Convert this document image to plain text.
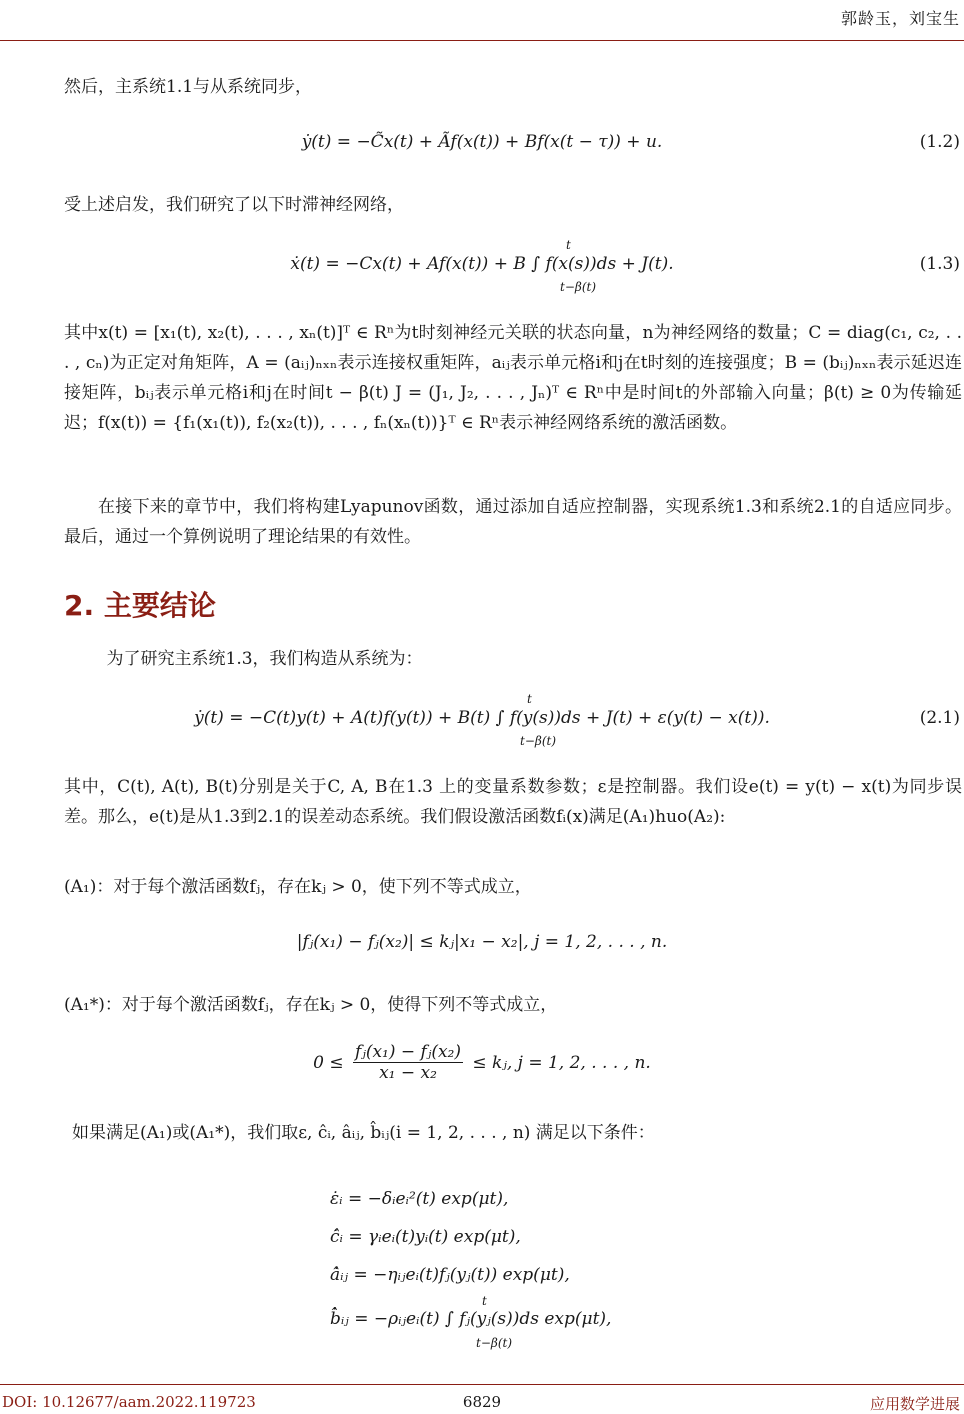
郭龄玉，刘宝生
然后，主系统1.1与从系统同步，
ẏ(t) = −C̃x(t) + Ãf(x(t)) + Bf(x(t − τ)) + u.	(1.2)
受上述启发，我们研究了以下时滞神经网络，
ẋ(t) = −Cx(t) + Af(x(t)) + B ∫ f(x(s))ds + J(t).	(1.3)
t
t−β(t)
其中x(t) = [x₁(t), x₂(t), . . . , xₙ(t)]ᵀ ∈ Rⁿ为t时刻神经元关联的状态向量，n为神经网络的数量；C = diag(c₁, c₂, . . . , cₙ)为正定对角矩阵，A = (aᵢⱼ)ₙₓₙ表示连接权重矩阵，aᵢⱼ表示单元格i和j在t时刻的连接强度；B = (bᵢⱼ)ₙₓₙ表示延迟连接矩阵，bᵢⱼ表示单元格i和j在时间t − β(t) J = (J₁, J₂, . . . , Jₙ)ᵀ ∈ Rⁿ中是时间t的外部输入向量；β(t) ≥ 0为传输延迟；f(x(t)) = {f₁(x₁(t)), f₂(x₂(t)), . . . , fₙ(xₙ(t))}ᵀ ∈ Rⁿ表示神经网络系统的激活函数。
在接下来的章节中，我们将构建Lyapunov函数，通过添加自适应控制器，实现系统1.3和系统2.1的自适应同步。最后，通过一个算例说明了理论结果的有效性。
2. 主要结论
为了研究主系统1.3，我们构造从系统为：
ẏ(t) = −C(t)y(t) + A(t)f(y(t)) + B(t) ∫ f(y(s))ds + J(t) + ε(y(t) − x(t)).	(2.1)
t
t−β(t)
其中，C(t), A(t), B(t)分别是关于C, A, B在1.3 上的变量系数参数；ε是控制器。我们设e(t) = y(t) − x(t)为同步误差。那么，e(t)是从1.3到2.1的误差动态系统。我们假设激活函数fᵢ(x)满足(A₁)huo(A₂):
(A₁)：对于每个激活函数fⱼ，存在kⱼ > 0，使下列不等式成立，
|fⱼ(x₁) − fⱼ(x₂)| ≤ kⱼ|x₁ − x₂|, j = 1, 2, . . . , n.
(A₁*)：对于每个激活函数fⱼ，存在kⱼ > 0，使得下列不等式成立，
$0 \le \frac{\text{fⱼ(x₁) − fⱼ(x₂)}}{\text{x₁ − x₂}}$ ≤ kⱼ, j = 1, 2, . . . , n.
如果满足(A₁)或(A₁*)，我们取ε, ĉᵢ, âᵢⱼ, b̂ᵢⱼ(i = 1, 2, . . . , n) 满足以下条件：
ε̇ᵢ = −δᵢeᵢ²(t) exp(μt),
ĉ̇ᵢ = γᵢeᵢ(t)yᵢ(t) exp(μt),
â̇ᵢⱼ = −ηᵢⱼeᵢ(t)fⱼ(yⱼ(t)) exp(μt),
b̂̇ᵢⱼ = −ρᵢⱼeᵢ(t) ∫ fⱼ(yⱼ(s))ds exp(μt),
t
t−β(t)
DOI: 10.12677/aam.2022.119723	6829	应用数学进展
